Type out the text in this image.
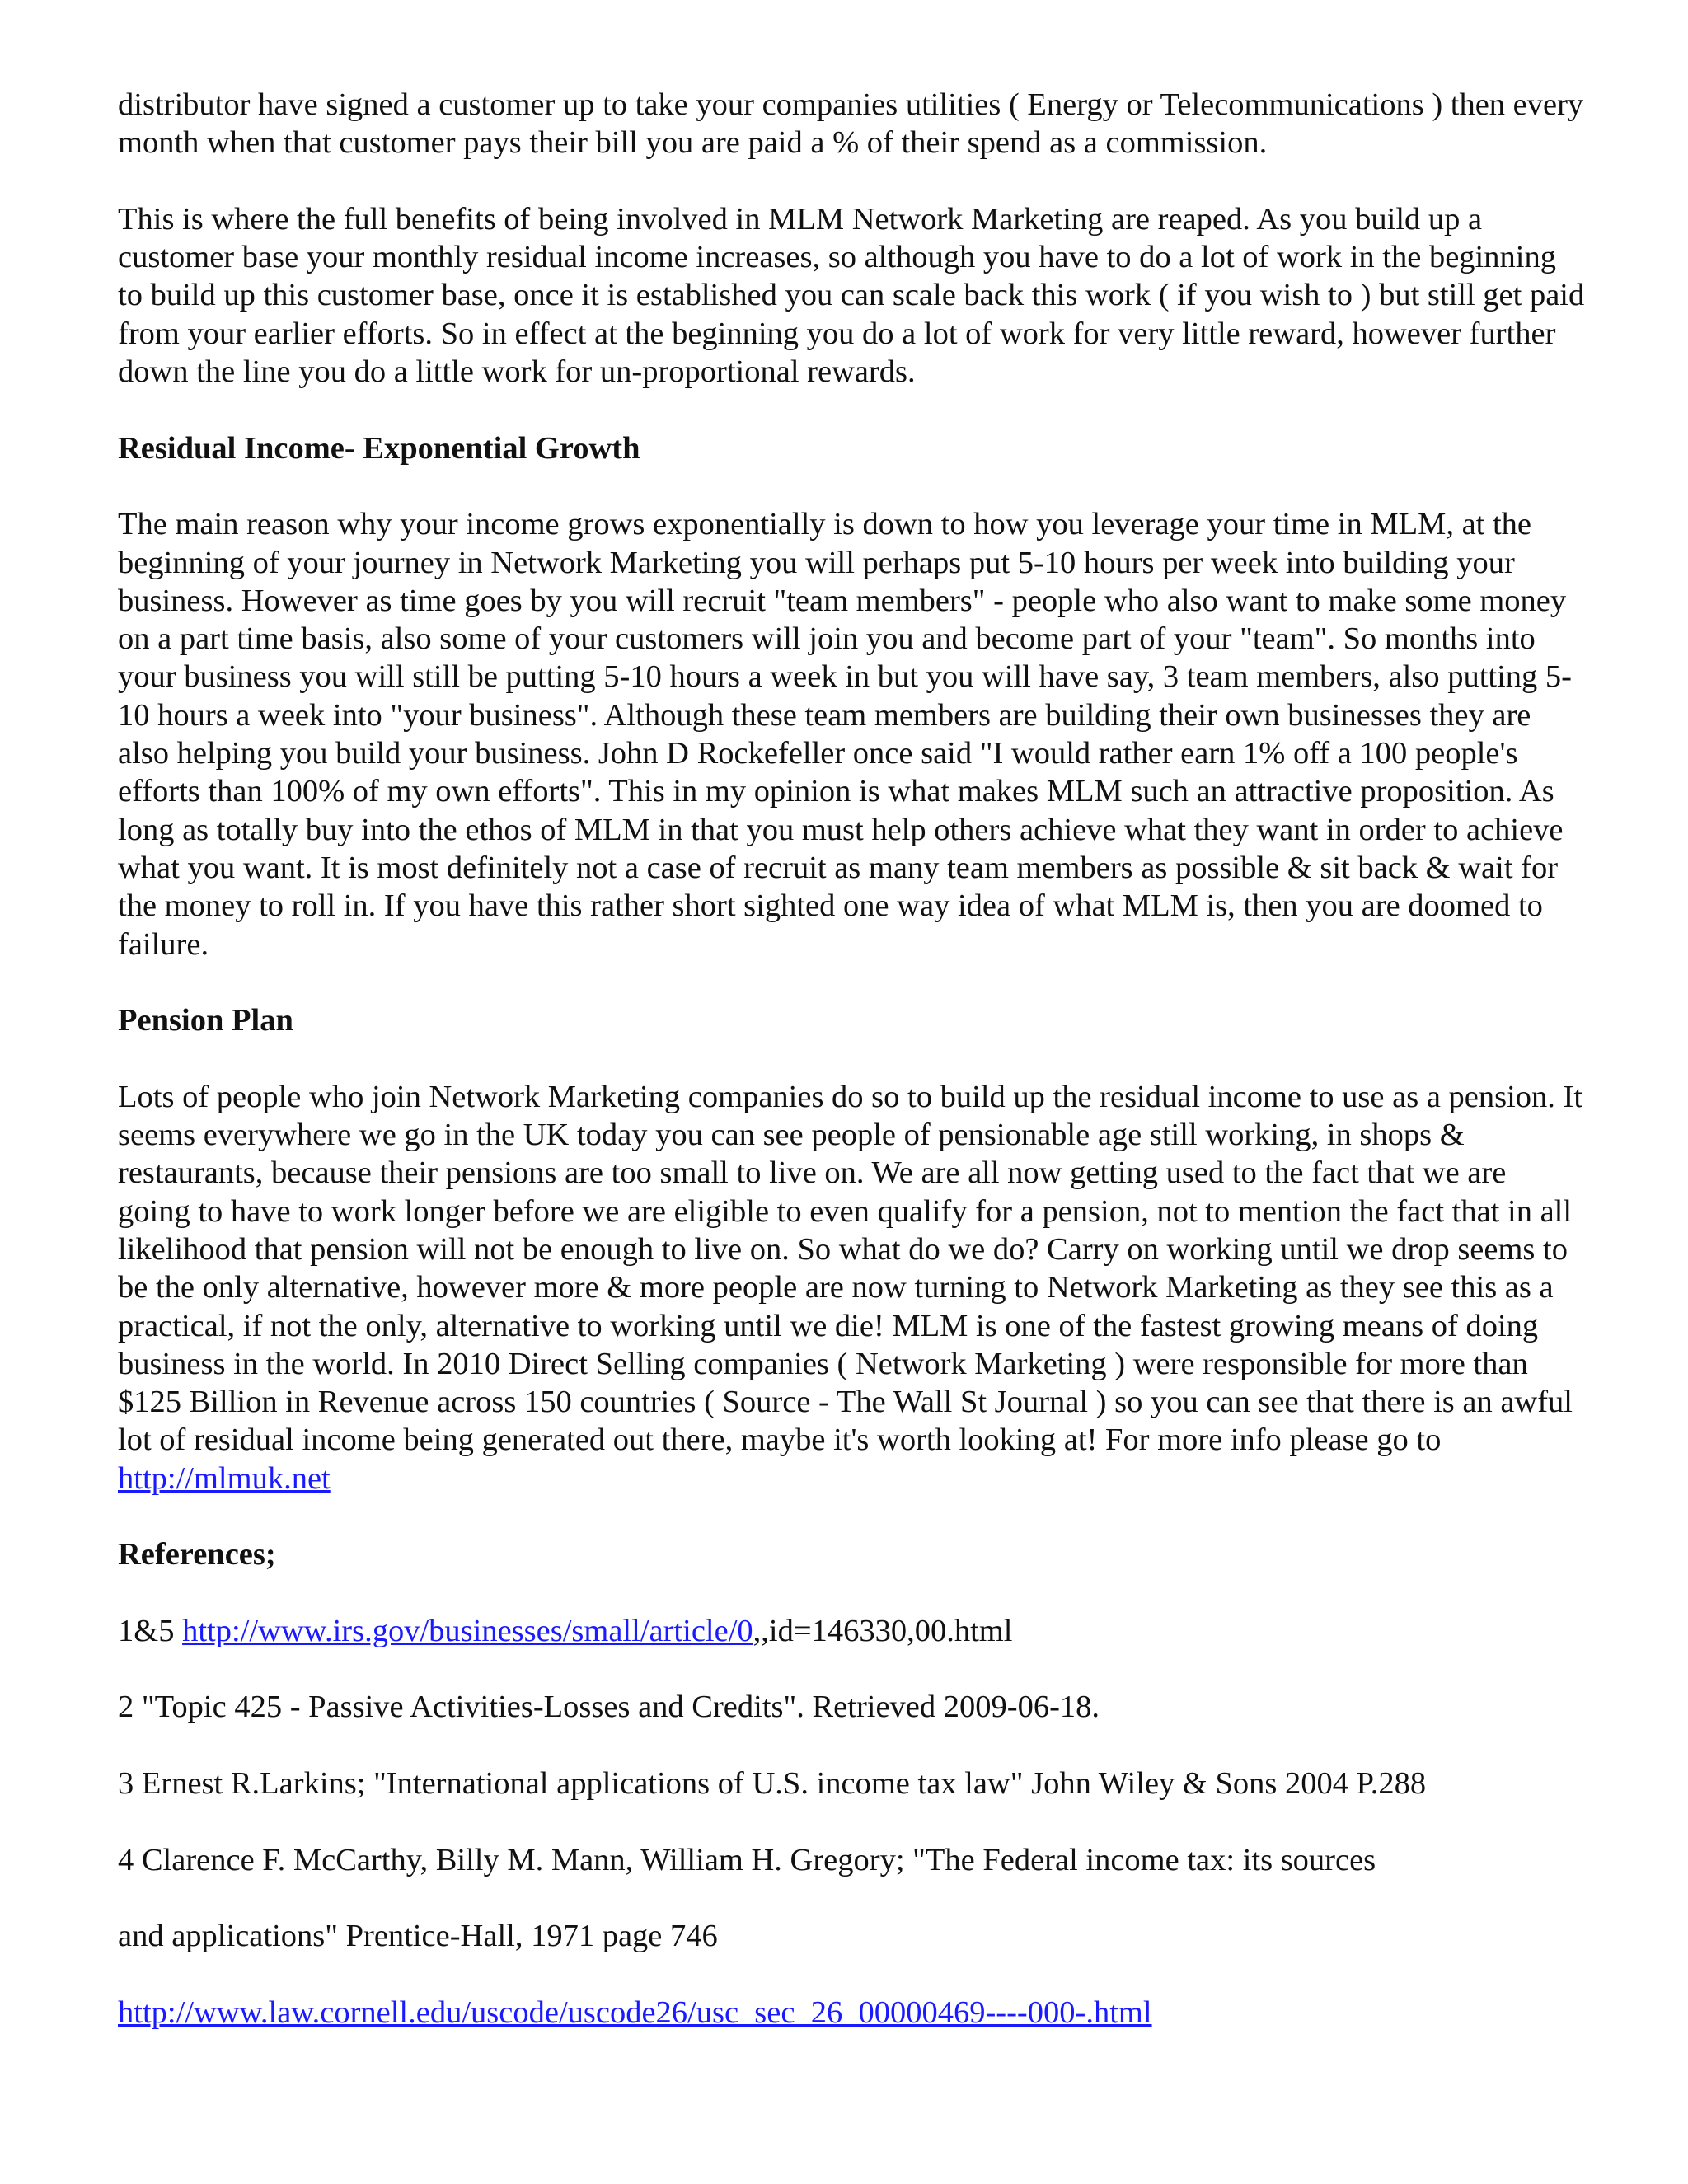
distributor have signed a customer up to take your companies utilities ( Energy or Telecommunications ) then every month when that customer pays their bill you are paid a % of their spend as a commission.

This is where the full benefits of being involved in MLM Network Marketing are reaped. As you build up a customer base your monthly residual income increases, so although you have to do a lot of work in the beginning to build up this customer base, once it is established you can scale back this work ( if you wish to ) but still get paid from your earlier efforts. So in effect at the beginning you do a lot of work for very little reward, however further down the line you do a little work for un-proportional rewards.

Residual Income- Exponential Growth

The main reason why your income grows exponentially is down to how you leverage your time in MLM, at the beginning of your journey in Network Marketing you will perhaps put 5-10 hours per week into building your business. However as time goes by you will recruit "team members" - people who also want to make some money on a part time basis, also some of your customers will join you and become part of your "team". So months into your business you will still be putting 5-10 hours a week in but you will have say, 3 team members, also putting 5-10 hours a week into "your business". Although these team members are building their own businesses they are also helping you build your business. John D Rockefeller once said "I would rather earn 1% off a 100 people's efforts than 100% of my own efforts". This in my opinion is what makes MLM such an attractive proposition. As long as totally buy into the ethos of MLM in that you must help others achieve what they want in order to achieve what you want. It is most definitely not a case of recruit as many team members as possible & sit back & wait for the money to roll in. If you have this rather short sighted one way idea of what MLM is, then you are doomed to failure.

Pension Plan

Lots of people who join Network Marketing companies do so to build up the residual income to use as a pension. It seems everywhere we go in the UK today you can see people of pensionable age still working, in shops & restaurants, because their pensions are too small to live on. We are all now getting used to the fact that we are going to have to work longer before we are eligible to even qualify for a pension, not to mention the fact that in all likelihood that pension will not be enough to live on. So what do we do? Carry on working until we drop seems to be the only alternative, however more & more people are now turning to Network Marketing as they see this as a practical, if not the only, alternative to working until we die! MLM is one of the fastest growing means of doing business in the world. In 2010 Direct Selling companies ( Network Marketing ) were responsible for more than $125 Billion in Revenue across 150 countries ( Source - The Wall St Journal ) so you can see that there is an awful lot of residual income being generated out there, maybe it's worth looking at! For more info please go to http://mlmuk.net

References;

1&5 http://www.irs.gov/businesses/small/article/0,,id=146330,00.html

2 "Topic 425 - Passive Activities-Losses and Credits". Retrieved 2009-06-18.

3 Ernest R.Larkins; "International applications of U.S. income tax law" John Wiley & Sons 2004 P.288

4 Clarence F. McCarthy, Billy M. Mann, William H. Gregory; "The Federal income tax: its sources

and applications" Prentice-Hall, 1971 page 746

http://www.law.cornell.edu/uscode/uscode26/usc_sec_26_00000469----000-.html
